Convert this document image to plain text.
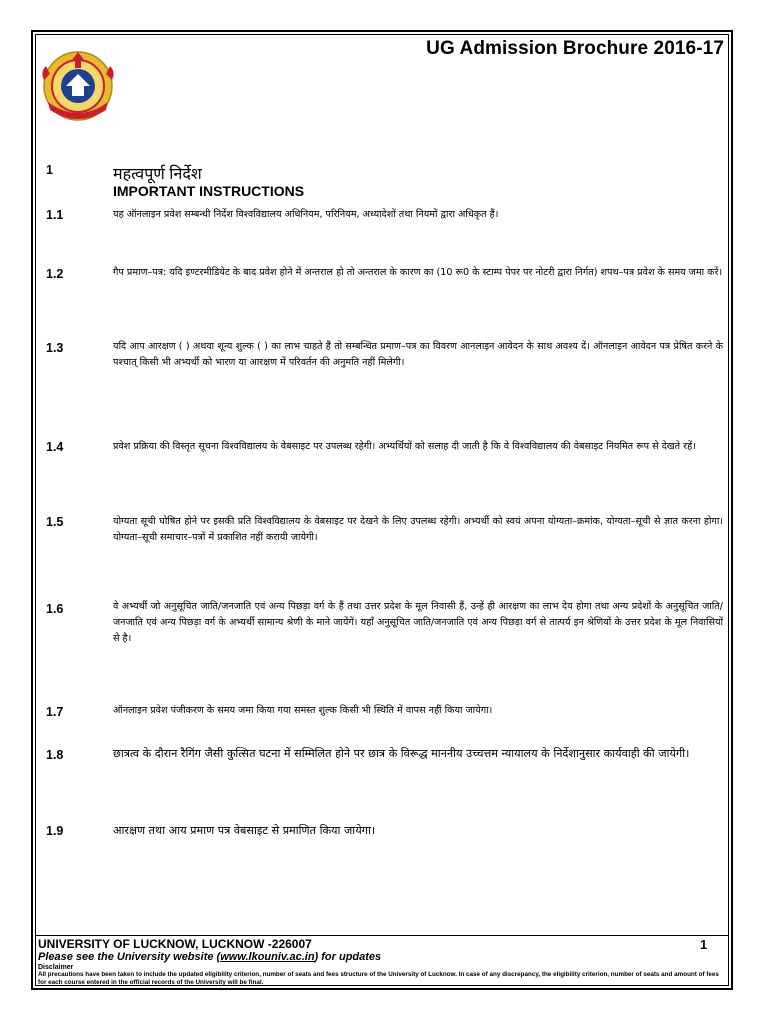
UG Admission Brochure 2016-17
1	महत्वपूर्ण निर्देश
IMPORTANT INSTRUCTIONS
1.1	यह ऑनलाइन प्रवेश सम्बन्धी निर्देश विश्वविद्यालय अधिनियम, परिनियम, अध्यादेशों तथा नियमों द्वारा अधिकृत हैं।
1.2	गैप प्रमाण–पत्र: यदि इण्टरमीडियेट के बाद प्रवेश होने में अन्तराल हो तो अन्तराल के कारण का (10 रू0 के स्टाम्प पेपर पर नोटरी द्वारा निर्गत) शपथ–पत्र प्रवेश के समय जमा करें।
1.3	यदि आप आरक्षण ( ) अथवा शून्य शुल्क ( ) का लाभ चाहते हैं तो सम्बन्धित प्रमाण–पत्र का विवरण आनलाइन आवेदन के साथ अवश्य दें। ऑनलाइन आवेदन पत्र प्रेषित करने के पश्चात् किसी भी अभ्यर्थी को भारण या आरक्षण में परिवर्तन की अनुमति नहीं मिलेगी।
1.4	प्रवेश प्रक्रिया की विस्तृत सूचना विश्वविद्यालय के वेबसाइट पर उपलब्ध रहेगी। अभ्यर्थियों को सलाह दी जाती है कि वे विश्वविद्यालय की वेबसाइट नियमित रूप से देखते रहें।
1.5	योग्यता सूची घोषित होने पर इसकी प्रति विश्वविद्यालय के वेबसाइट पर देखने के लिए उपलब्ध रहेगी। अभ्यर्थी को स्वयं अपना योग्यता–क्रमांक, योग्यता–सूची से ज्ञात करना होगा। योग्यता–सूची समाचार–पत्रों में प्रकाशित नहीं करायी जायेगी।
1.6	वे अभ्यर्थी जो अनुसूचित जाति/जनजाति एवं अन्य पिछड़ा वर्ग के हैं तथा उत्तर प्रदेश के मूल निवासी हैं, उन्हें ही आरक्षण का लाभ देय होगा तथा अन्य प्रदेशों के अनुसूचित जाति/जनजाति एवं अन्य पिछड़ा वर्ग के अभ्यर्थी सामान्य श्रेणी के माने जायेंगें। यहाँ अनुसूचित जाति/जनजाति एवं अन्य पिछड़ा वर्ग से तात्पर्य इन श्रेणियों के उत्तर प्रदेश के मूल निवासियों से है।
1.7	ऑनलाइन प्रवेश पंजीकरण के समय जमा किया गया समस्त शुल्क किसी भी स्थिति में वापस नहीं किया जायेगा।
1.8	छात्रत्व के दौरान रैगिंग जैसी कुत्सित घटना में सम्मिलित होने पर छात्र के विरूद्ध माननीय उच्चत्तम न्यायालय के निर्देशानुसार कार्यवाही की जायेगी।
1.9	आरक्षण तथा आय प्रमाण पत्र वेबसाइट से प्रमाणित किया जायेगा।
UNIVERSITY OF LUCKNOW, LUCKNOW -226007	1
Please see the University website (www.lkouniv.ac.in) for updates
Disclaimer
All precautions have been taken to include the updated eligibility criterion, number of seats and fees structure of the University of Lucknow. In case of any discrepancy, the eligibility criterion, number of seats and amount of fees for each course entered in the official records of the University will be final.
